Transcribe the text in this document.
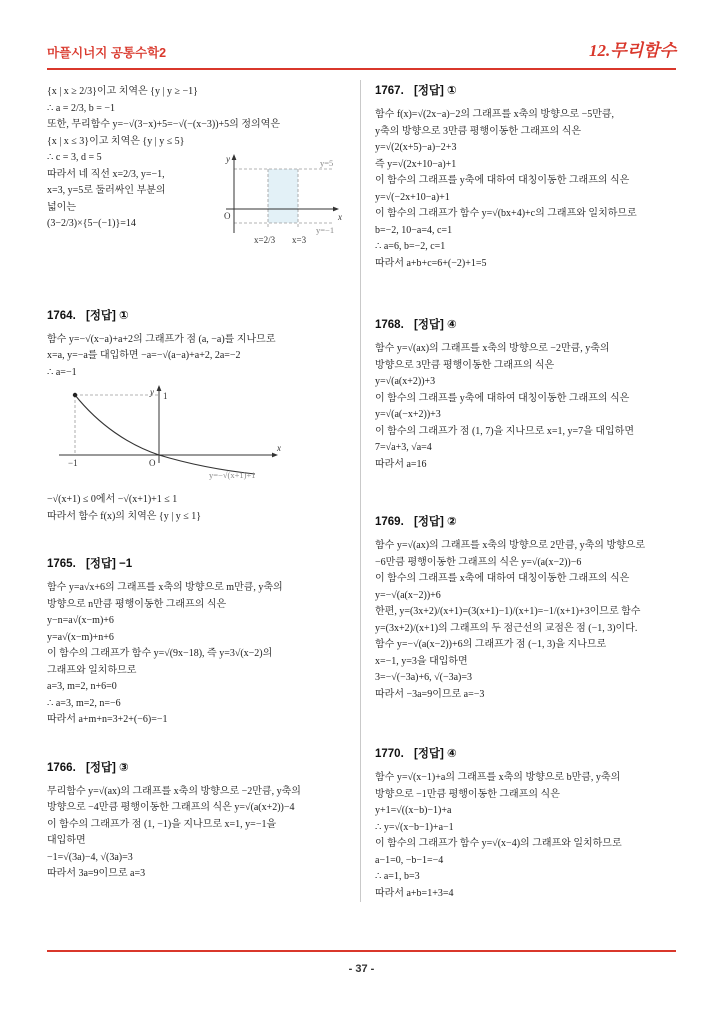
마플시너지 공통수학2	12.무리함수
{x | x ≥ 2/3}이고 치역은 {y | y ≥ −1}
∴ a = 2/3, b = −1
또한, 무리함수 y=−√(3−x)+5=−√(−(x−3))+5의 정의역은
{x | x ≤ 3}이고 치역은 {y | y ≤ 5}
∴ c = 3, d = 5
따라서 네 직선 x=2/3, y=−1,
x=3, y=5로 둘러싸인 부분의
넓이는
(3−2/3)×{5−(−1)}=14
y
x
O
y=5
y=−1
x=2/3 x=3
1764. [정답] ①
함수 y=−√(x−a)+a+2의 그래프가 점 (a, −a)를 지나므로
x=a, y=−a를 대입하면 −a=−√(a−a)+a+2, 2a=−2
∴ a=−1
y
x
O
1
−1
y=−√(x+1)+1
−√(x+1) ≤ 0에서 −√(x+1)+1 ≤ 1
따라서 함수 f(x)의 치역은 {y | y ≤ 1}
1765. [정답] −1
함수 y=a√x+6의 그래프를 x축의 방향으로 m만큼, y축의
방향으로 n만큼 평행이동한 그래프의 식은
y−n=a√(x−m)+6
y=a√(x−m)+n+6
이 함수의 그래프가 함수 y=√(9x−18), 즉 y=3√(x−2)의
그래프와 일치하므로
a=3, m=2, n+6=0
∴ a=3, m=2, n=−6
따라서 a+m+n=3+2+(−6)=−1
1766. [정답] ③
무리함수 y=√(ax)의 그래프를 x축의 방향으로 −2만큼, y축의
방향으로 −4만큼 평행이동한 그래프의 식은 y=√(a(x+2))−4
이 함수의 그래프가 점 (1, −1)을 지나므로 x=1, y=−1을
대입하면
−1=√(3a)−4, √(3a)=3
따라서 3a=9이므로 a=3
1767. [정답] ①
함수 f(x)=√(2x−a)−2의 그래프를 x축의 방향으로 −5만큼,
y축의 방향으로 3만큼 평행이동한 그래프의 식은
y=√(2(x+5)−a)−2+3
즉 y=√(2x+10−a)+1
이 함수의 그래프를 y축에 대하여 대칭이동한 그래프의 식은
y=√(−2x+10−a)+1
이 함수의 그래프가 함수 y=√(bx+4)+c의 그래프와 일치하므로
b=−2, 10−a=4, c=1
∴ a=6, b=−2, c=1
따라서 a+b+c=6+(−2)+1=5
1768. [정답] ④
함수 y=√(ax)의 그래프를 x축의 방향으로 −2만큼, y축의
방향으로 3만큼 평행이동한 그래프의 식은
y=√(a(x+2))+3
이 함수의 그래프를 y축에 대하여 대칭이동한 그래프의 식은
y=√(a(−x+2))+3
이 함수의 그래프가 점 (1, 7)을 지나므로 x=1, y=7을 대입하면
7=√a+3, √a=4
따라서 a=16
1769. [정답] ②
함수 y=√(ax)의 그래프를 x축의 방향으로 2만큼, y축의 방향으로
−6만큼 평행이동한 그래프의 식은 y=√(a(x−2))−6
이 함수의 그래프를 x축에 대하여 대칭이동한 그래프의 식은
y=−√(a(x−2))+6
한편, y=(3x+2)/(x+1)=(3(x+1)−1)/(x+1)=−1/(x+1)+3이므로 함수
y=(3x+2)/(x+1)의 그래프의 두 점근선의 교점은 점 (−1, 3)이다.
함수 y=−√(a(x−2))+6의 그래프가 점 (−1, 3)을 지나므로
x=−1, y=3을 대입하면
3=−√(−3a)+6, √(−3a)=3
따라서 −3a=9이므로 a=−3
1770. [정답] ④
함수 y=√(x−1)+a의 그래프를 x축의 방향으로 b만큼, y축의
방향으로 −1만큼 평행이동한 그래프의 식은
y+1=√((x−b)−1)+a
∴ y=√(x−b−1)+a−1
이 함수의 그래프가 함수 y=√(x−4)의 그래프와 일치하므로
a−1=0, −b−1=−4
∴ a=1, b=3
따라서 a+b=1+3=4
- 37 -
